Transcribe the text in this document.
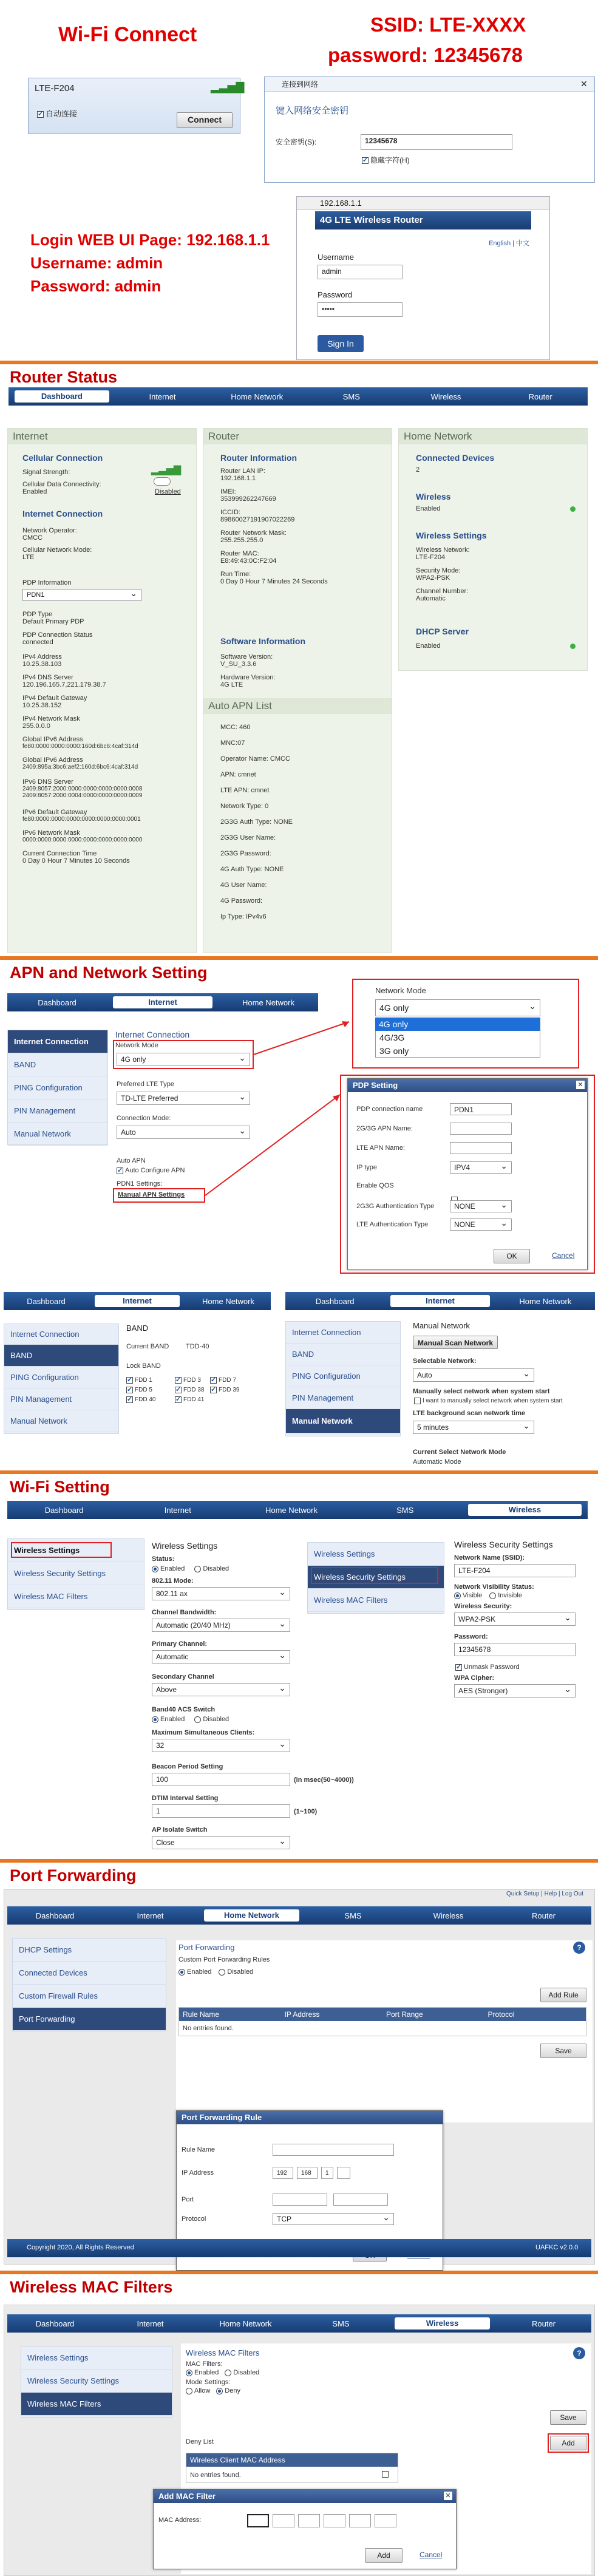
Wi-Fi Connect	SSID: LTE-XXXX
password: 12345678
LTE-F204	▂▃▅▇
✓自动连接
Connect
连接到网络	✕
键入网络安全密钥
安全密钥(S):	12345678
✓隐藏字符(H)
Login WEB UI Page: 192.168.1.1
Username: admin
Password: admin
192.168.1.1
4G LTE Wireless Router
English | 中文
Username
admin
Password
•••••
Sign In
Router Status
Dashboard	Internet	Home Network	SMS	Wireless	Router
Internet
Cellular Connection
Signal Strength:	▂▃▅▇
Cellular Data Connectivity:
Enabled	Disabled
Internet Connection
Network Operator:
CMCC
Cellular Network Mode:
LTE
PDP Information
PDN1 ⌄
PDP Type
Default Primary PDP
PDP Connection Status
connected
IPv4 Address
10.25.38.103
IPv4 DNS Server
120.196.165.7,221.179.38.7
IPv4 Default Gateway
10.25.38.152
IPv4 Network Mask
255.0.0.0
Global IPv6 Address
fe80:0000:0000:0000:160d:6bc6:4caf:314d
Global IPv6 Address
2409:895a:3bc6:aef2:160d:6bc6:4caf:314d
IPv6 DNS Server
2409:8057:2000:0000:0000:0000:0000:0008 2409:8057:2000:0004:0000:0000:0000:0009
IPv6 Default Gateway
fe80:0000:0000:0000:0000:0000:0000:0001
IPv6 Network Mask
0000:0000:0000:0000:0000:0000:0000:0000
Current Connection Time
0 Day 0 Hour 7 Minutes 10 Seconds
Router
Router Information
Router LAN IP:
192.168.1.1
IMEI:
353999262247669
ICCID:
89860027191907022269
Router Network Mask:
255.255.255.0
Router MAC:
E8:49:43:0C:F2:04
Run Time:
0 Day 0 Hour 7 Minutes 24 Seconds
Software Information
Software Version:
V_SU_3.3.6
Hardware Version:
4G LTE
Auto APN List
MCC: 460
MNC:07
Operator Name: CMCC
APN: cmnet
LTE APN: cmnet
Network Type: 0
2G3G Auth Type: NONE
2G3G User Name:
2G3G Password:
4G Auth Type: NONE
4G User Name:
4G Password:
Ip Type: IPv4v6
Home Network
Connected Devices
2
Wireless
Enabled
Wireless Settings
Wireless Network:
LTE-F204
Security Mode:
WPA2-PSK
Channel Number:
Automatic
DHCP Server
Enabled
APN and Network Setting
Dashboard	Internet	Home Network
Internet Connection
BAND
PING Configuration
PIN Management
Manual Network
Internet Connection
Network Mode
4G only ⌄
Preferred LTE Type
TD-LTE Preferred ⌄
Connection Mode:
Auto ⌄
Auto APN
✓Auto Configure APN
PDN1 Settings:
Manual APN Settings
Network Mode
4G only ⌄
4G only
4G/3G
3G only
PDP Setting	✕
PDP connection name	PDN1
2G/3G APN Name:
LTE APN Name:
IP type	IPV4 ⌄
Enable QOS
2G3G Authentication Type	NONE ⌄
LTE Authentication Type	NONE ⌄
OK	Cancel
Dashboard	Internet	Home Network
Internet Connection
BAND
PING Configuration
PIN Management
Manual Network
BAND
Current BAND	TDD-40
Lock BAND
✓FDD 1 ✓	FDD 3 ✓	FDD 7
✓FDD 5 ✓	FDD 38 ✓	FDD 39
✓FDD 40 ✓	FDD 41
Dashboard	Internet	Home Network
Internet Connection
BAND
PING Configuration
PIN Management
Manual Network
Manual Network
Manual Scan Network
Selectable Network:
Auto ⌄
Manually select network when system start
I want to manually select network when system start
LTE background scan network time
5 minutes ⌄
Current Select Network Mode
Automatic Mode
Wi-Fi Setting
Dashboard	Internet	Home Network	SMS	Wireless
Wireless Settings
Wireless Security Settings
Wireless MAC Filters
Wireless Settings
Status:
Enabled	Disabled
802.11 Mode:
802.11 ax ⌄
Channel Bandwidth:
Automatic (20/40 MHz) ⌄
Primary Channel:
Automatic ⌄
Secondary Channel
Above ⌄
Band40 ACS Switch
Enabled	Disabled
Maximum Simultaneous Clients:
32 ⌄
Beacon Period Setting
100	(in msec(50~4000))
DTIM Interval Setting
1	(1~100)
AP Isolate Switch
Close ⌄
Wireless Settings
Wireless Security Settings
Wireless MAC Filters
Wireless Security Settings
Network Name (SSID):
LTE-F204
Network Visibility Status:
Visible Invisible
Wireless Security:
WPA2-PSK ⌄
Password:
12345678
✓Unmask Password
WPA Cipher:
AES (Stronger) ⌄
Port Forwarding
Quick Setup | Help | Log Out
Dashboard	Internet	Home Network	SMS	Wireless	Router
DHCP Settings
Connected Devices
Custom Firewall Rules
Port Forwarding
Port Forwarding	?
Custom Port Forwarding Rules
Enabled Disabled
Add Rule
Rule Name	IP Address	Port Range	Protocol
No entries found.
Save
Port Forwarding Rule
Rule Name
IP Address	192	168	1
Port
Protocol	TCP ⌄
Copyright 2020, All Rights Reserved	UAFKC v2.0.0
Wireless MAC Filters
Dashboard	Internet	Home Network	SMS	Wireless	Router
Wireless Settings
Wireless Security Settings
Wireless MAC Filters
Wireless MAC Filters	?
MAC Filters:
Enabled Disabled
Mode Settings:
Allow Deny
Save
Deny List	Add
Wireless Client MAC Address
No entries found.
Add MAC Filter	✕
MAC Address:
Add	Cancel
